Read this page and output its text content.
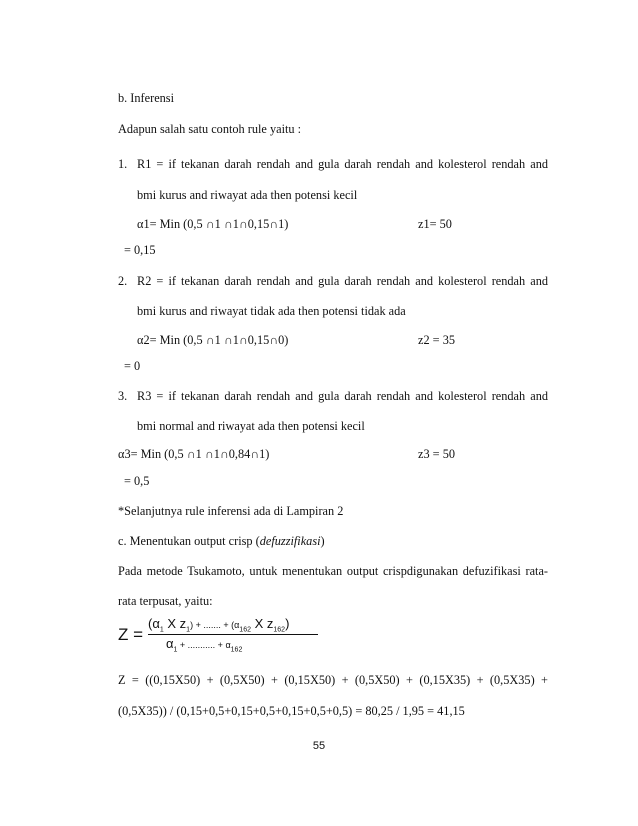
b. Inferensi
Adapun salah satu contoh rule yaitu :
1. R1 = if tekanan darah rendah and gula darah rendah and kolesterol rendah and
bmi kurus and riwayat ada then potensi kecil
α1= Min (0,5 ∩1 ∩1∩0,15∩1)	z1= 50
= 0,15
2. R2 = if tekanan darah rendah and gula darah rendah and kolesterol rendah and
bmi kurus and riwayat tidak ada then potensi tidak ada
α2= Min (0,5 ∩1 ∩1∩0,15∩0)	z2 = 35
= 0
3. R3 = if tekanan darah rendah and gula darah rendah and kolesterol rendah and
bmi normal and riwayat ada then potensi kecil
α3= Min (0,5 ∩1 ∩1∩0,84∩1)	z3 = 50
= 0,5
*Selanjutnya rule inferensi ada di Lampiran 2
c. Menentukan output crisp (defuzzifikasi)
Pada metode Tsukamoto, untuk menentukan output crispdigunakan defuzifikasi rata-
rata terpusat, yaitu:
Z =
($\alpha_1$ X $z_1$) + ....... + ($\alpha_{162}$ X $z_{162}$)
$\alpha_1$ + ........... + $\alpha_{162}$
Z = ((0,15X50) + (0,5X50) + (0,15X50) + (0,5X50) + (0,15X35) + (0,5X35) +
(0,5X35)) / (0,15+0,5+0,15+0,5+0,15+0,5+0,5) = 80,25 / 1,95 = 41,15
55
